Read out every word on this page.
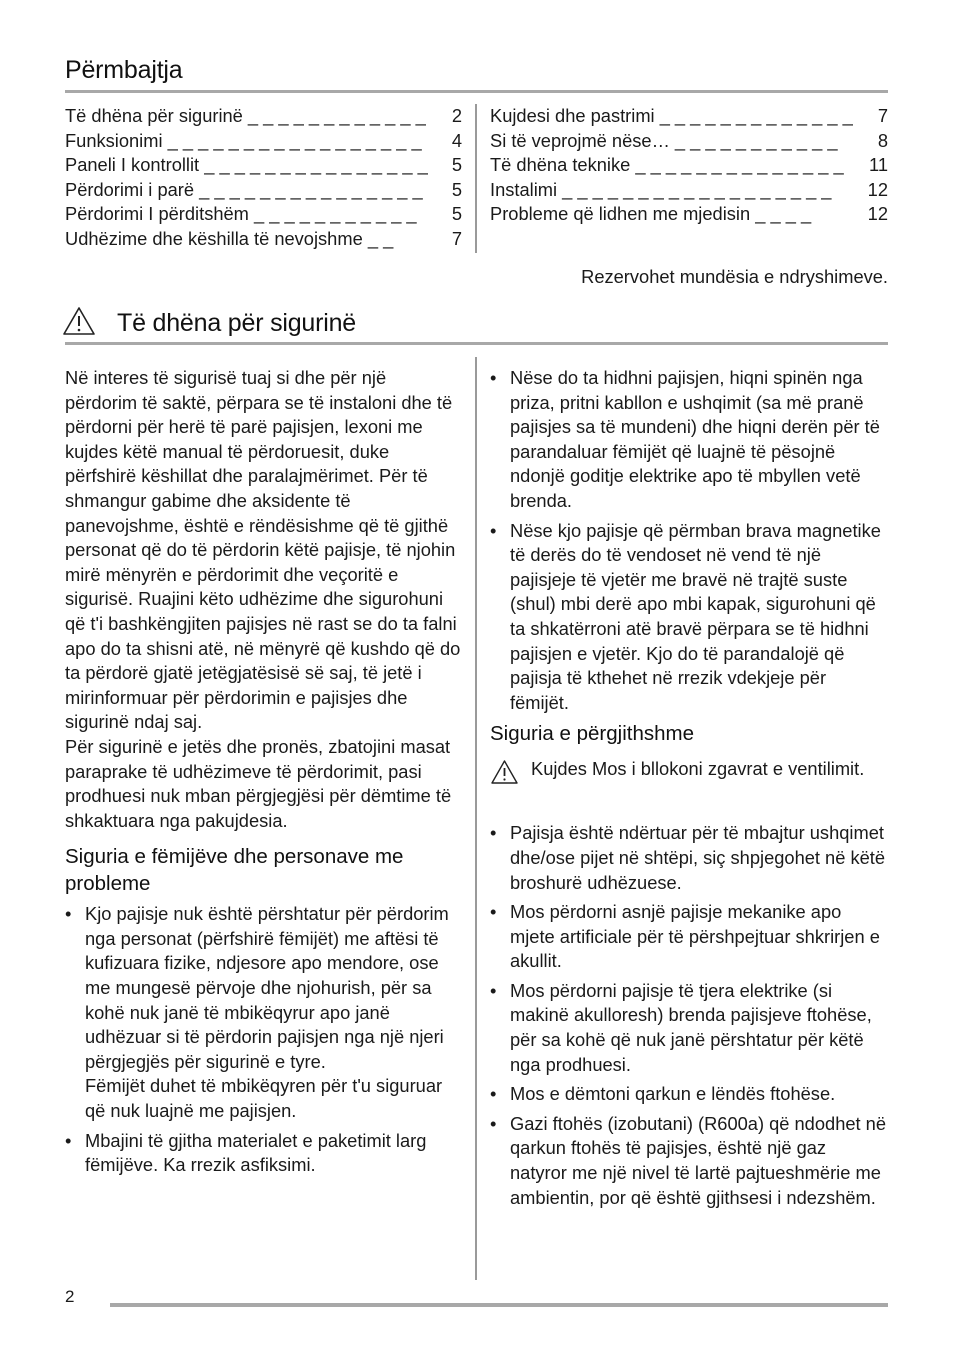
Përmbajtja
Të dhëna për sigurinë _ _ _ _ _ _ _ _ _ _ _ _ 2
Funksionimi _ _ _ _ _ _ _ _ _ _ _ _ _ _ _ _ _ 4
Paneli I kontrollit _ _ _ _ _ _ _ _ _ _ _ _ _ _ _ 5
Përdorimi i parë _ _ _ _ _ _ _ _ _ _ _ _ _ _ _ 5
Përdorimi I përditshëm _ _ _ _ _ _ _ _ _ _ _ 5
Udhëzime dhe këshilla të nevojshme _ _	7
Kujdesi dhe pastrimi _ _ _ _ _ _ _ _ _ _ _ _ _ 7
Si të veprojmë nëse… _ _ _ _ _ _ _ _ _ _ _ 8
Të dhëna teknike _ _ _ _ _ _ _ _ _ _ _ _ _ _ 11
Instalimi _ _ _ _ _ _ _ _ _ _ _ _ _ _ _ _ _ _ 12
Probleme që lidhen me mjedisin _ _ _ _	12
Rezervohet mundësia e ndryshimeve.
Të dhëna për sigurinë

Në interes të sigurisë tuaj si dhe për një përdorim të saktë, përpara se të instaloni dhe të përdorni për herë të parë pajisjen, lexoni me kujdes këtë manual të përdoruesit, duke përfshirë këshillat dhe paralajmërimet. Për të shmangur gabime dhe aksidente të panevojshme, është e rëndësishme që të gjithë personat që do të përdorin këtë pajisje, të njohin mirë mënyrën e përdorimit dhe veçoritë e sigurisë. Ruajini këto udhëzime dhe sigurohuni që t'i bashkëngjiten pajisjes në rast se do ta falni apo do ta shisni atë, në mënyrë që kushdo që do ta përdorë gjatë jetëgjatësisë së saj, të jetë i mirinformuar për përdorimin e pajisjes dhe sigurinë ndaj saj.

Për sigurinë e jetës dhe pronës, zbatojini masat paraprake të udhëzimeve të përdorimit, pasi prodhuesi nuk mban përgjegjësi për dëmtime të shkaktuara nga pakujdesia.

Siguria e fëmijëve dhe personave me probleme
• Kjo pajisje nuk është përshtatur për përdorim nga personat (përfshirë fëmijët) me aftësi të kufizuara fizike, ndjesore apo mendore, ose me mungesë përvoje dhe njohurish, për sa kohë nuk janë të mbikëqyrur apo janë udhëzuar si të përdorin pajisjen nga një njeri përgjegjës për sigurinë e tyre.
Fëmijët duhet të mbikëqyren për t'u siguruar që nuk luajnë me pajisjen.
• Mbajini të gjitha materialet e paketimit larg fëmijëve. Ka rrezik asfiksimi.
• Nëse do ta hidhni pajisjen, hiqni spinën nga priza, pritni kabllon e ushqimit (sa më pranë pajisjes sa të mundeni) dhe hiqni derën për të parandaluar fëmijët që luajnë të pësojnë ndonjë goditje elektrike apo të mbyllen vetë brenda.
• Nëse kjo pajisje që përmban brava magnetike të derës do të vendoset në vend të një pajisjeje të vjetër me bravë në trajtë suste (shul) mbi derë apo mbi kapak, sigurohuni që ta shkatërroni atë bravë përpara se të hidhni pajisjen e vjetër. Kjo do të parandalojë që pajisja të kthehet në rrezik vdekjeje për fëmijët.
Siguria e përgjithshme
Kujdes Mos i bllokoni zgavrat e ventilimit.
• Pajisja është ndërtuar për të mbajtur ushqimet dhe/ose pijet në shtëpi, siç shpjegohet në këtë broshurë udhëzuese.
• Mos përdorni asnjë pajisje mekanike apo mjete artificiale për të përshpejtuar shkrirjen e akullit.
• Mos përdorni pajisje të tjera elektrike (si makinë akulloresh) brenda pajisjeve ftohëse, për sa kohë që nuk janë përshtatur për këtë nga prodhuesi.
• Mos e dëmtoni qarkun e lëndës ftohëse.
• Gazi ftohës (izobutani) (R600a) që ndodhet në qarkun ftohës të pajisjes, është një gaz natyror me një nivel të lartë pajtueshmërie me ambientin, por që është gjithsesi i ndezshëm.
2
